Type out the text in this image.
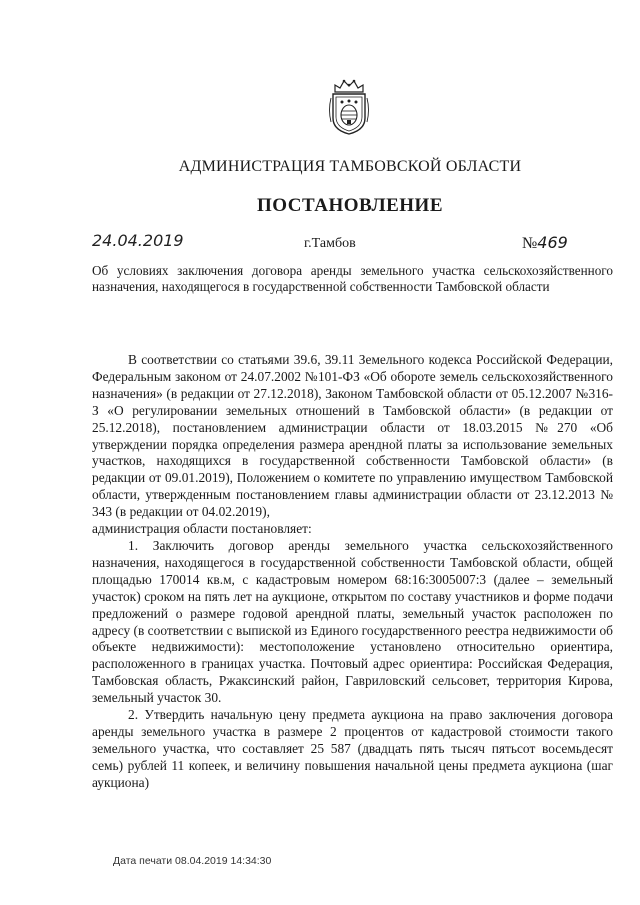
АДМИНИСТРАЦИЯ ТАМБОВСКОЙ ОБЛАСТИ
ПОСТАНОВЛЕНИЕ
24.04.2019	г.Тамбов	№469
Об условиях заключения договора аренды земельного участка сельскохозяйственного назначения, находящегося в государственной собственности Тамбовской области

В соответствии со статьями 39.6, 39.11 Земельного кодекса Российской Федерации, Федеральным законом от 24.07.2002 №101-ФЗ «Об обороте земель сельскохозяйственного назначения» (в редакции от 27.12.2018), Законом Тамбовской области от 05.12.2007 №316-З «О регулировании земельных отношений в Тамбовской области» (в редакции от 25.12.2018), постановлением администрации области от 18.03.2015 №270 «Об утверждении порядка определения размера арендной платы за использование земельных участков, находящихся в государственной собственности Тамбовской области» (в редакции от 09.01.2019), Положением о комитете по управлению имуществом Тамбовской области, утвержденным постановлением главы администрации области от 23.12.2013 № 343 (в редакции от 04.02.2019),

администрация области постановляет:

1. Заключить договор аренды земельного участка сельскохозяйственного назначения, находящегося в государственной собственности Тамбовской области, общей площадью 170014 кв.м, с кадастровым номером 68:16:3005007:3 (далее – земельный участок) сроком на пять лет на аукционе, открытом по составу участников и форме подачи предложений о размере годовой арендной платы, земельный участок расположен по адресу (в соответствии с выпиской из Единого государственного реестра недвижимости об объекте недвижимости): местоположение установлено относительно ориентира, расположенного в границах участка. Почтовый адрес ориентира: Российская Федерация, Тамбовская область, Ржаксинский район, Гавриловский сельсовет, территория Кирова, земельный участок 30.

2. Утвердить начальную цену предмета аукциона на право заключения договора аренды земельного участка в размере 2 процентов от кадастровой стоимости такого земельного участка, что составляет 25 587 (двадцать пять тысяч пятьсот восемьдесят семь) рублей 11 копеек, и величину повышения начальной цены предмета аукциона (шаг аукциона)

Дата печати 08.04.2019 14:34:30
